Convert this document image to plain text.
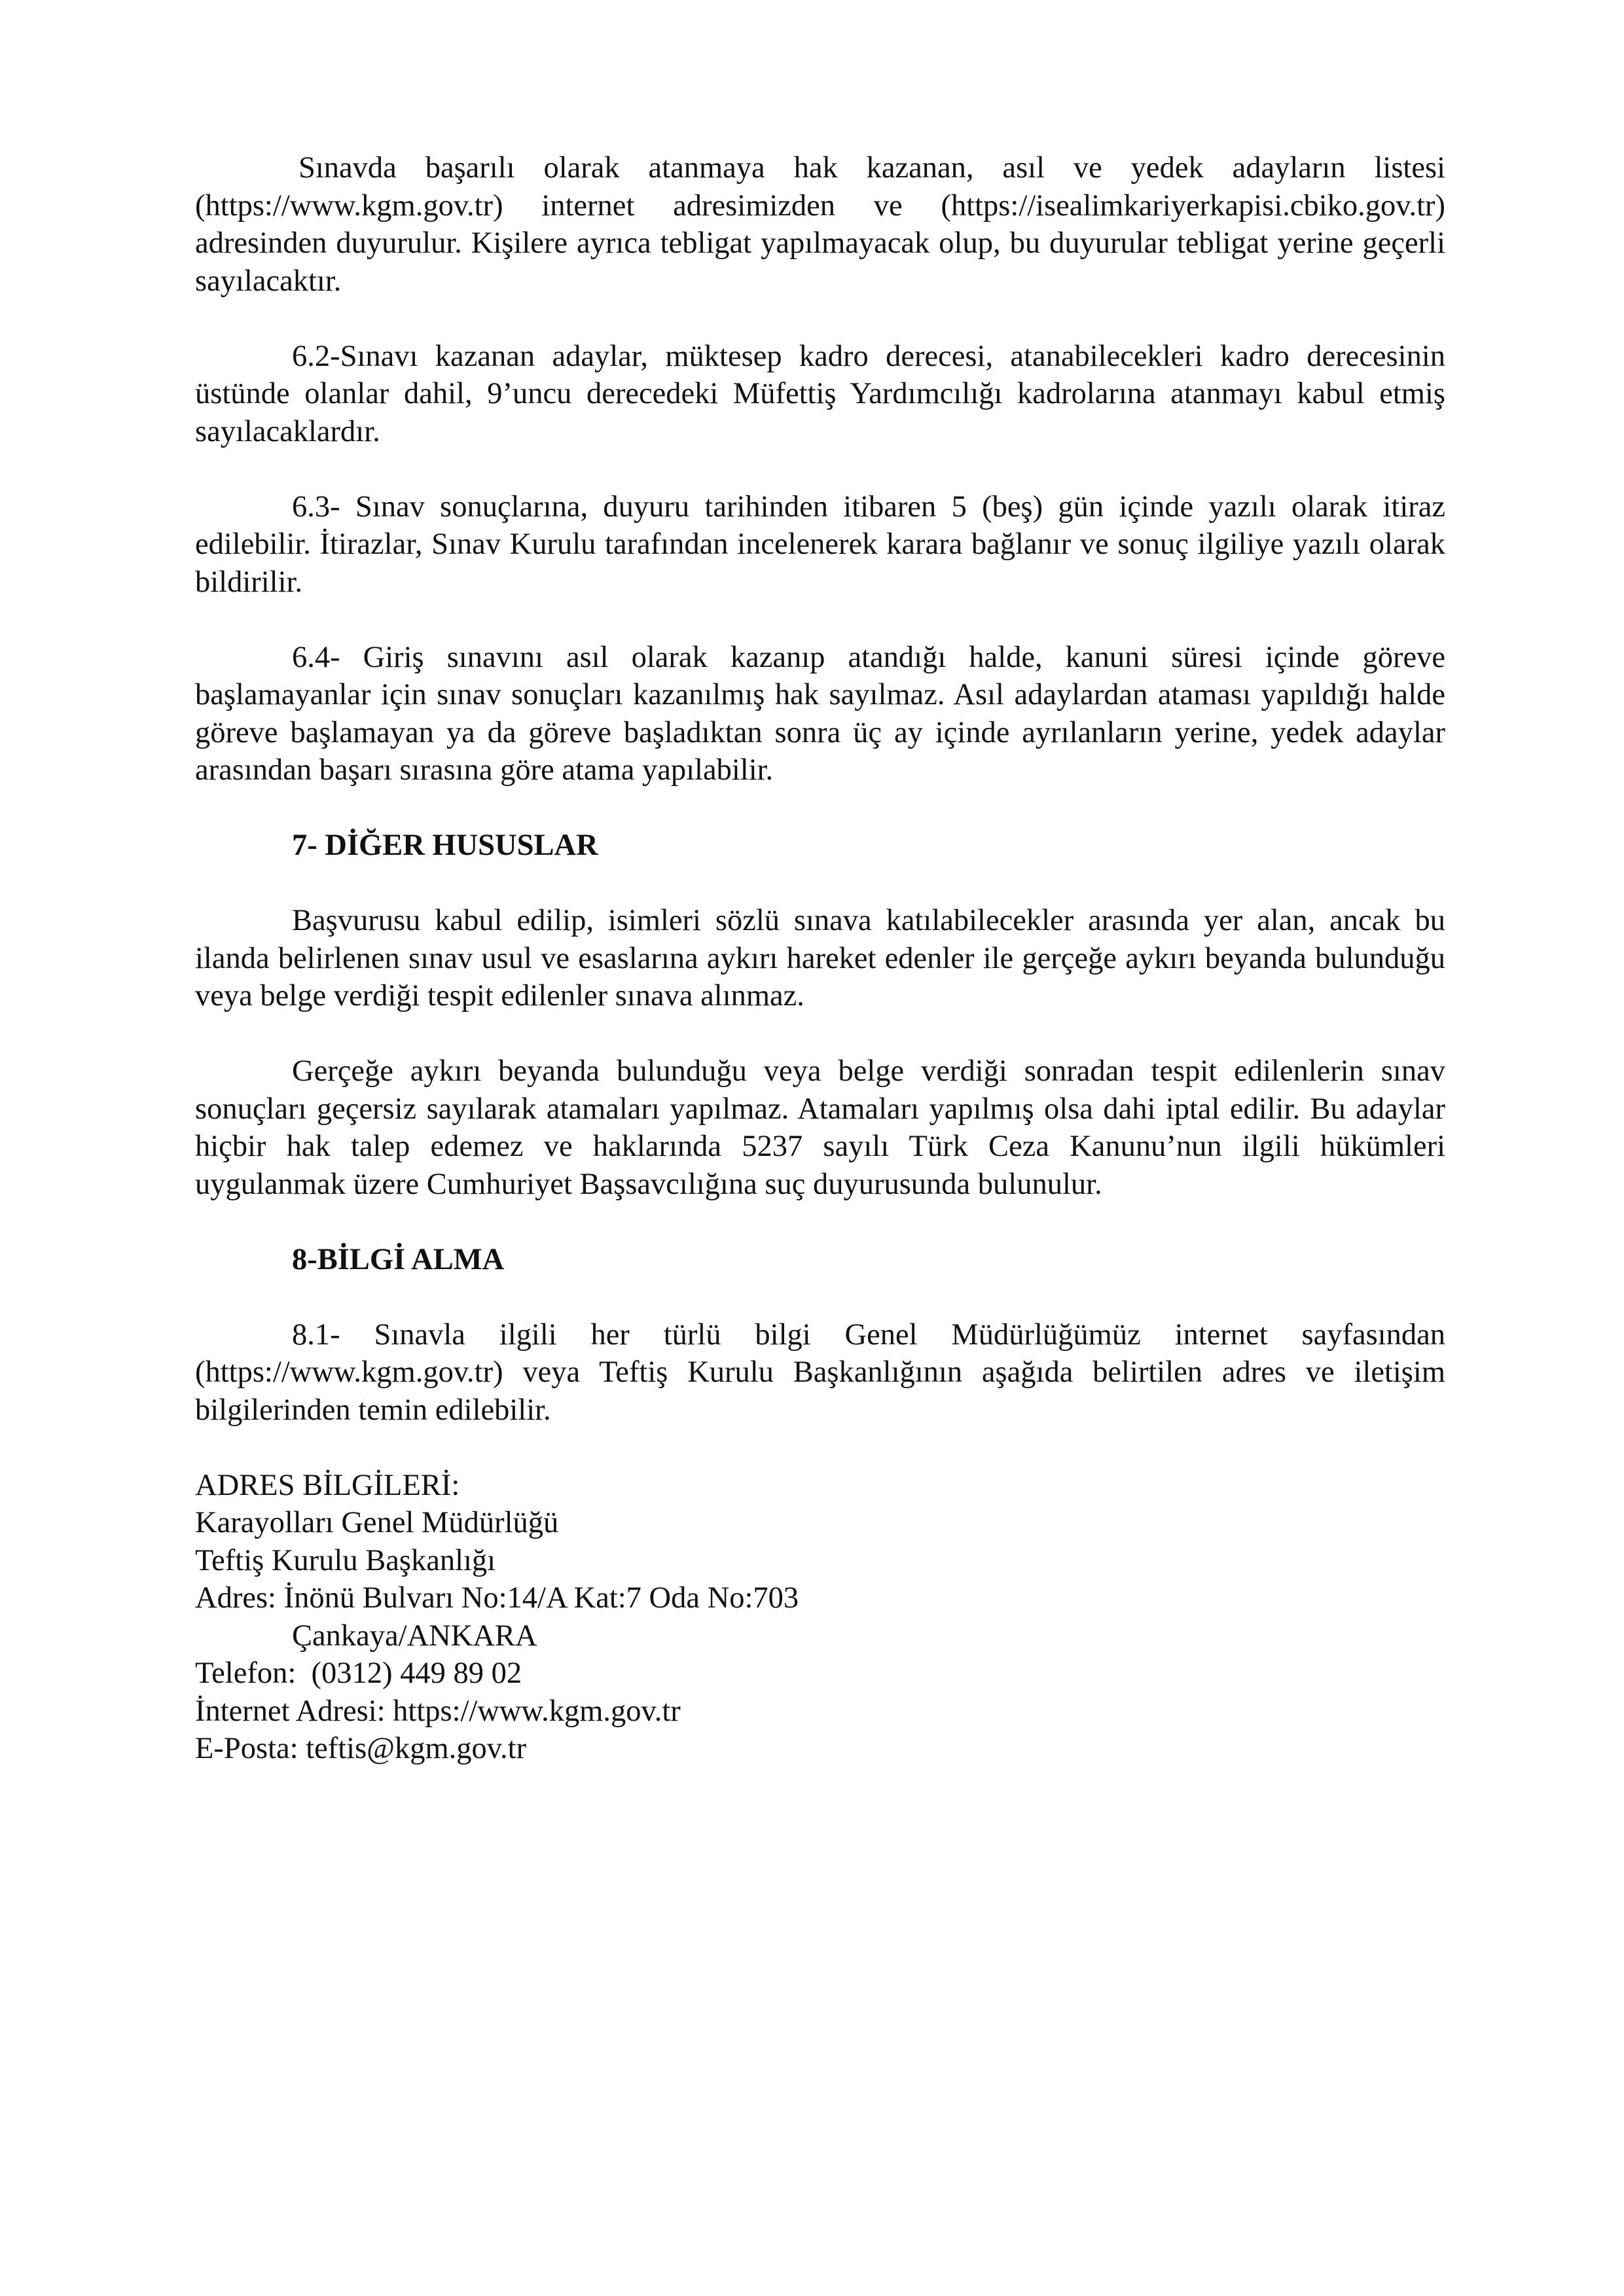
Sınavda başarılı olarak atanmaya hak kazanan, asıl ve yedek adayların listesi (https://www.kgm.gov.tr) internet adresimizden ve (https://isealimkariyerkapisi.cbiko.gov.tr) adresinden duyurulur. Kişilere ayrıca tebligat yapılmayacak olup, bu duyurular tebligat yerine geçerli sayılacaktır.

6.2-Sınavı kazanan adaylar, müktesep kadro derecesi, atanabilecekleri kadro derecesinin üstünde olanlar dahil, 9’uncu derecedeki Müfettiş Yardımcılığı kadrolarına atanmayı kabul etmiş sayılacaklardır.

6.3- Sınav sonuçlarına, duyuru tarihinden itibaren 5 (beş) gün içinde yazılı olarak itiraz edilebilir. İtirazlar, Sınav Kurulu tarafından incelenerek karara bağlanır ve sonuç ilgiliye yazılı olarak bildirilir.

6.4- Giriş sınavını asıl olarak kazanıp atandığı halde, kanuni süresi içinde göreve başlamayanlar için sınav sonuçları kazanılmış hak sayılmaz. Asıl adaylardan ataması yapıldığı halde göreve başlamayan ya da göreve başladıktan sonra üç ay içinde ayrılanların yerine, yedek adaylar arasından başarı sırasına göre atama yapılabilir.

7- DİĞER HUSUSLAR

Başvurusu kabul edilip, isimleri sözlü sınava katılabilecekler arasında yer alan, ancak bu ilanda belirlenen sınav usul ve esaslarına aykırı hareket edenler ile gerçeğe aykırı beyanda bulunduğu veya belge verdiği tespit edilenler sınava alınmaz.

Gerçeğe aykırı beyanda bulunduğu veya belge verdiği sonradan tespit edilenlerin sınav sonuçları geçersiz sayılarak atamaları yapılmaz. Atamaları yapılmış olsa dahi iptal edilir. Bu adaylar hiçbir hak talep edemez ve haklarında 5237 sayılı Türk Ceza Kanunu’nun ilgili hükümleri uygulanmak üzere Cumhuriyet Başsavcılığına suç duyurusunda bulunulur.

8-BİLGİ ALMA

8.1- Sınavla ilgili her türlü bilgi Genel Müdürlüğümüz internet sayfasından (https://www.kgm.gov.tr) veya Teftiş Kurulu Başkanlığının aşağıda belirtilen adres ve iletişim bilgilerinden temin edilebilir.

ADRES BİLGİLERİ:
Karayolları Genel Müdürlüğü
Teftiş Kurulu Başkanlığı
Adres: İnönü Bulvarı No:14/A Kat:7 Oda No:703
Çankaya/ANKARA
Telefon:  (0312) 449 89 02
İnternet Adresi: https://www.kgm.gov.tr
E-Posta: teftis@kgm.gov.tr
